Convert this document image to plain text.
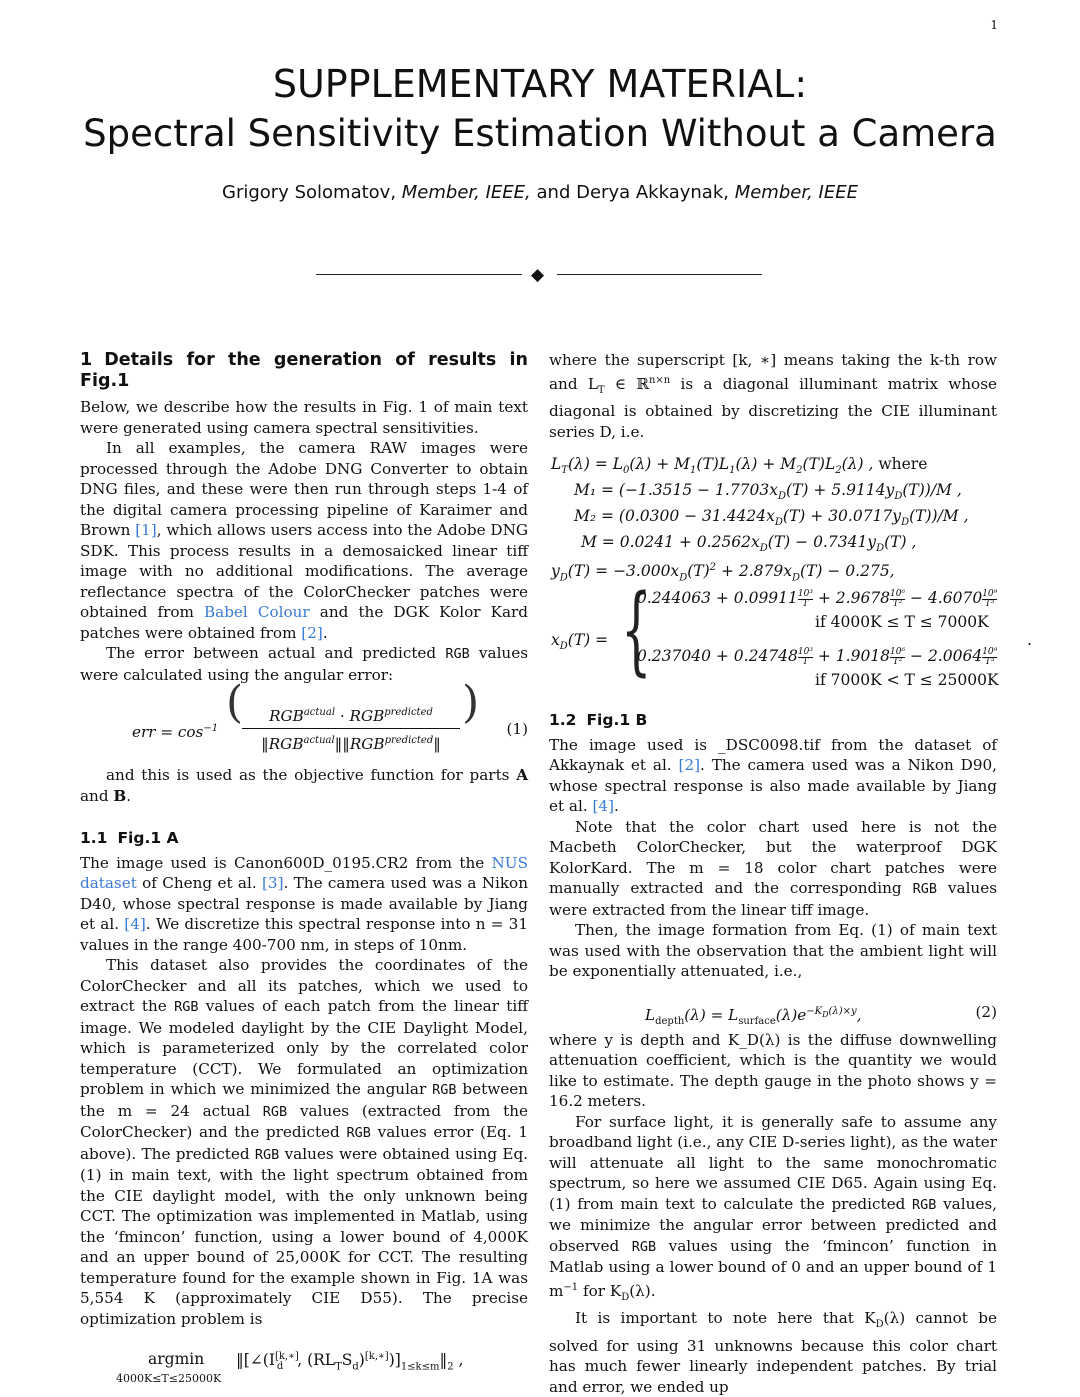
1
SUPPLEMENTARY MATERIAL:
Spectral Sensitivity Estimation Without a Camera
Grigory Solomatov, Member, IEEE, and Derya Akkaynak, Member, IEEE
◆
1 Details for the generation of results in Fig.1

Below, we describe how the results in Fig. 1 of main text were generated using camera spectral sensitivities.

In all examples, the camera RAW images were processed through the Adobe DNG Converter to obtain DNG files, and these were then run through steps 1-4 of the digital camera processing pipeline of Karaimer and Brown [1], which allows users access into the Adobe DNG SDK. This process results in a demosaicked linear tiff image with no additional modifications. The average reflectance spectra of the ColorChecker patches were obtained from Babel Colour and the DGK Kolor Kard patches were obtained from [2].

The error between actual and predicted RGB values were calculated using the angular error:

err = $\cos^{-1}$
(	$RGB^{actual} \cdot RGB^{predicted}$
$‖RGB^{actual}‖‖RGB^{predicted}‖$
)
(1)

and this is used as the objective function for parts A and B.

1.1 Fig.1 A

The image used is Canon600D_0195.CR2 from the NUS dataset of Cheng et al. [3]. The camera used was a Nikon D40, whose spectral response is made available by Jiang et al. [4]. We discretize this spectral response into n = 31 values in the range 400-700 nm, in steps of 10nm.

This dataset also provides the coordinates of the ColorChecker and all its patches, which we used to extract the RGB values of each patch from the linear tiff image. We modeled daylight by the CIE Daylight Model, which is parameterized only by the correlated color temperature (CCT). We formulated an optimization problem in which we minimized the angular RGB between the m = 24 actual RGB values (extracted from the ColorChecker) and the predicted RGB values error (Eq. 1 above). The predicted RGB values were obtained using Eq. (1) in main text, with the light spectrum obtained from the CIE daylight model, with the only unknown being CCT. The optimization was implemented in Matlab, using the ‘fmincon’ function, using a lower bound of 4,000K and an upper bound of 25,000K for CCT. The resulting temperature found for the example shown in Fig. 1A was 5,554 K (approximately CIE D55). The precise optimization problem is

argmin
4000K≤T≤25000K
$‖[\angle(I[k,∗]_d$ , $(RL_TS_d)[k,∗])]_{1\le k\le m}‖_2$ ,

where the superscript [k, ∗] means taking the k-th row and $L_T$ ∈ ℝ$^{n\times n}$ is a diagonal illuminant matrix whose diagonal is obtained by discretizing the CIE illuminant series D, i.e.

$L_T(\lambda) = L_0(\lambda) + M_1(T)L_1(\lambda) + M_2(T)L_2(\lambda)$ , where
$M_1 = (-1.3515 - 1.7703x_D(T) + 5.9114y_D(T))/M$ ,
$M_2 = (0.0300 - 31.4424x_D(T) + 30.0717y_D(T))/M$ ,
$M = 0.0241 + 0.2562x_D(T) - 0.7341y_D(T)$ ,
$y_D(T) = -3.000x_D(T)^2 + 2.879x_D(T) - 0.275$,
$x_D(T)$ = {
$0.244063 + 0.09911 \frac{\text{10³}}{T} + 2.9678 \frac{\text{10⁶}}{\text{T²}} - 4.6070 \frac{\text{10⁹}}{\text{T³}}$
if 4000K ≤ T ≤ 7000K
$0.237040 + 0.24748 \frac{\text{10³}}{T} + 1.9018 \frac{\text{10⁶}}{\text{T²}} - 2.0064 \frac{\text{10⁹}}{\text{T³}}$
if 7000K < T ≤ 25000K
.
1.2 Fig.1 B

The image used is _DSC0098.tif from the dataset of Akkaynak et al. [2]. The camera used was a Nikon D90, whose spectral response is also made available by Jiang et al. [4].

Note that the color chart used here is not the Macbeth ColorChecker, but the waterproof DGK KolorKard. The m = 18 color chart patches were manually extracted and the corresponding RGB values were extracted from the linear tiff image.

Then, the image formation from Eq. (1) of main text was used with the observation that the ambient light will be exponentially attenuated, i.e.,

$L_{depth}(\lambda) = L_{surface}(\lambda)e^{-K_D(\lambda)\times y}$,	(2)

where y is depth and K_D(λ) is the diffuse downwelling attenuation coefficient, which is the quantity we would like to estimate. The depth gauge in the photo shows y = 16.2 meters.

For surface light, it is generally safe to assume any broadband light (i.e., any CIE D-series light), as the water will attenuate all light to the same monochromatic spectrum, so here we assumed CIE D65. Again using Eq. (1) from main text to calculate the predicted RGB values, we minimize the angular error between predicted and observed RGB values using the ‘fmincon’ function in Matlab using a lower bound of 0 and an upper bound of 1 $m^{-1}$ for $K_D(\lambda)$.

It is important to note here that $K_D(\lambda)$ cannot be solved for using 31 unknowns because this color chart has much fewer linearly independent patches. By trial and error, we ended up
